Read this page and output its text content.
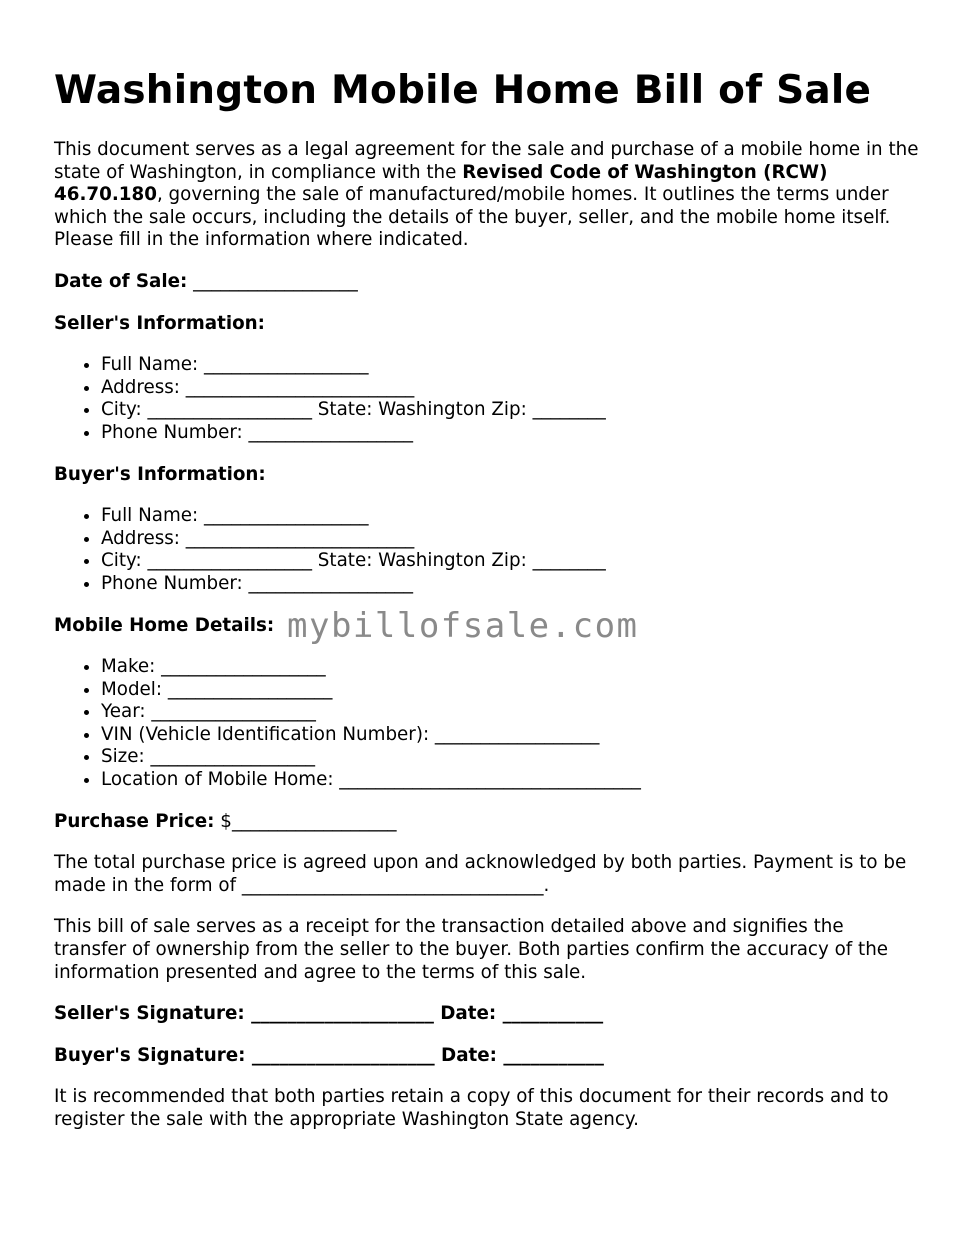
Washington Mobile Home Bill of Sale

This document serves as a legal agreement for the sale and purchase of a mobile home in the state of Washington, in compliance with the Revised Code of Washington (RCW) 46.70.180, governing the sale of manufactured/mobile homes. It outlines the terms under which the sale occurs, including the details of the buyer, seller, and the mobile home itself. Please fill in the information where indicated.

Date of Sale: __________________

Seller's Information:

• Full Name: __________________
• Address: _________________________
• City: __________________ State: Washington Zip: ________
• Phone Number: __________________

Buyer's Information:

• Full Name: __________________
• Address: _________________________
• City: __________________ State: Washington Zip: ________
• Phone Number: __________________

Mobile Home Details:

• Make: __________________
• Model: __________________
• Year: __________________
• VIN (Vehicle Identification Number): __________________
• Size: __________________
• Location of Mobile Home: _________________________________

Purchase Price: $__________________

The total purchase price is agreed upon and acknowledged by both parties. Payment is to be made in the form of _________________________________.

This bill of sale serves as a receipt for the transaction detailed above and signifies the transfer of ownership from the seller to the buyer. Both parties confirm the accuracy of the information presented and agree to the terms of this sale.

Seller's Signature: ____________________ Date: ___________

Buyer's Signature: ____________________ Date: ___________

It is recommended that both parties retain a copy of this document for their records and to register the sale with the appropriate Washington State agency.

mybillofsale.com
